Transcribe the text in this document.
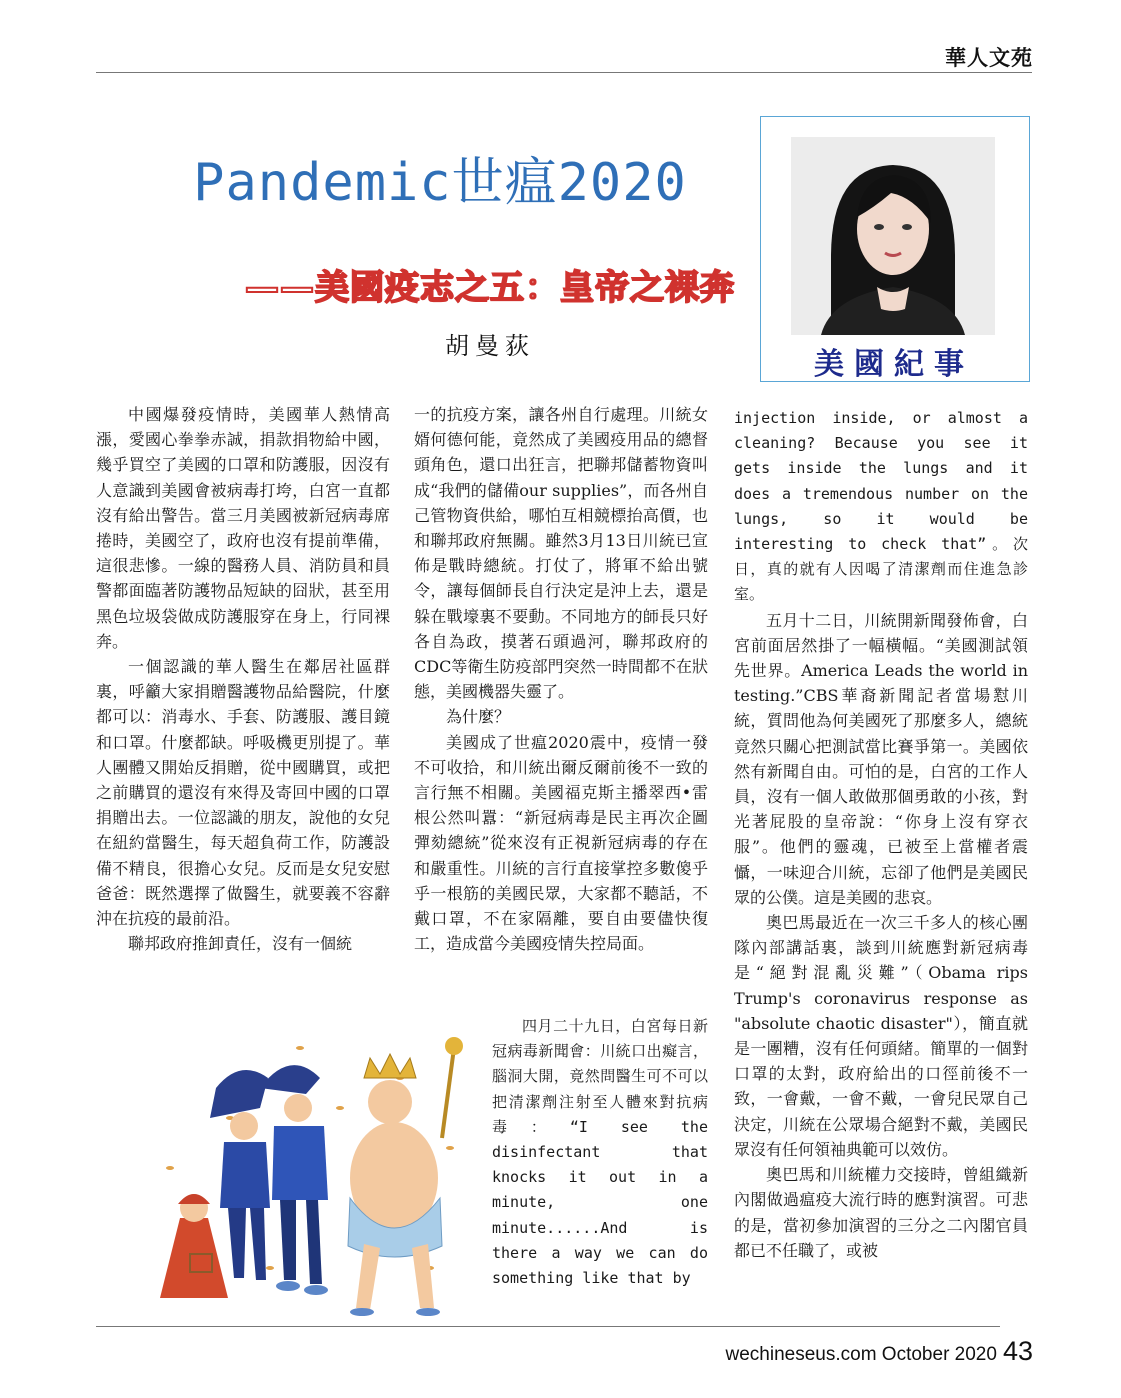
華人文苑
Pandemic世瘟2020
——美國疫志之五：皇帝之裸奔
胡曼荻
美國紀事

中國爆發疫情時，美國華人熱情高漲，愛國心拳拳赤誠，捐款捐物給中國，幾乎買空了美國的口罩和防護服，因沒有人意識到美國會被病毒打垮，白宮一直都沒有給出警告。當三月美國被新冠病毒席捲時，美國空了，政府也沒有提前準備，這很悲慘。一線的醫務人員、消防員和員警都面臨著防護物品短缺的囧狀，甚至用黑色垃圾袋做成防護服穿在身上，行同裸奔。

一個認識的華人醫生在鄰居社區群裏，呼籲大家捐贈醫護物品給醫院，什麼都可以：消毒水、手套、防護服、護目鏡和口罩。什麼都缺。呼吸機更別提了。華人團體又開始反捐贈，從中國購買，或把之前購買的還沒有來得及寄回中國的口罩捐贈出去。一位認識的朋友，說他的女兒在紐約當醫生，每天超負荷工作，防護設備不精良，很擔心女兒。反而是女兒安慰爸爸：既然選擇了做醫生，就要義不容辭沖在抗疫的最前沿。

聯邦政府推卸責任，沒有一個統

一的抗疫方案，讓各州自行處理。川統女婿何德何能，竟然成了美國疫用品的總督頭角色，還口出狂言，把聯邦儲蓄物資叫成“我們的儲備our supplies”，而各州自己管物資供給，哪怕互相競標抬高價，也和聯邦政府無關。雖然3月13日川統已宣佈是戰時總統。打仗了，將軍不給出號令，讓每個師長自行決定是沖上去，還是躲在戰壕裏不要動。不同地方的師長只好各自為政，摸著石頭過河，聯邦政府的CDC等衛生防疫部門突然一時間都不在狀態，美國機器失靈了。

為什麼？

美國成了世瘟2020震中，疫情一發不可收拾，和川統出爾反爾前後不一致的言行無不相關。美國福克斯主播翠西•雷根公然叫囂：“新冠病毒是民主再次企圖彈劾總統”從來沒有正視新冠病毒的存在和嚴重性。川統的言行直接掌控多數傻乎乎一根筋的美國民眾，大家都不聽話，不戴口罩，不在家隔離，要自由要儘快復工，造成當今美國疫情失控局面。

四月二十九日，白宮每日新冠病毒新聞會：川統口出癡言，腦洞大開，竟然問醫生可不可以把清潔劑注射至人體來對抗病毒：“I see the disinfectant that knocks it out in a minute, one minute......And is there a way we can do something like that by

injection inside, or almost a cleaning? Because you see it gets inside the lungs and it does a tremendous number on the lungs, so it would be interesting to check that”。次日，真的就有人因喝了清潔劑而住進急診室。

五月十二日，川統開新聞發佈會，白宮前面居然掛了一幅橫幅。“美國測試領先世界。America Leads the world in testing.”CBS華裔新聞記者當場懟川統，質問他為何美國死了那麼多人，總統竟然只關心把測試當比賽爭第一。美國依然有新聞自由。可怕的是，白宮的工作人員，沒有一個人敢做那個勇敢的小孩，對光著屁股的皇帝說：“你身上沒有穿衣服”。他們的靈魂，已被至上當權者震懾，一味迎合川統，忘卻了他們是美國民眾的公僕。這是美國的悲哀。

奧巴馬最近在一次三千多人的核心團隊內部講話裏，談到川統應對新冠病毒是“絕對混亂災難”（Obama rips Trump's coronavirus response as "absolute chaotic disaster"），簡直就是一團糟，沒有任何頭緒。簡單的一個對口罩的太對，政府給出的口徑前後不一致，一會戴，一會不戴，一會兒民眾自己決定，川統在公眾場合絕對不戴，美國民眾沒有任何領袖典範可以效仿。

奧巴馬和川統權力交接時，曾組織新內閣做過瘟疫大流行時的應對演習。可悲的是，當初參加演習的三分之二內閣官員都已不任職了，或被

wechineseus.com October 2020 43
